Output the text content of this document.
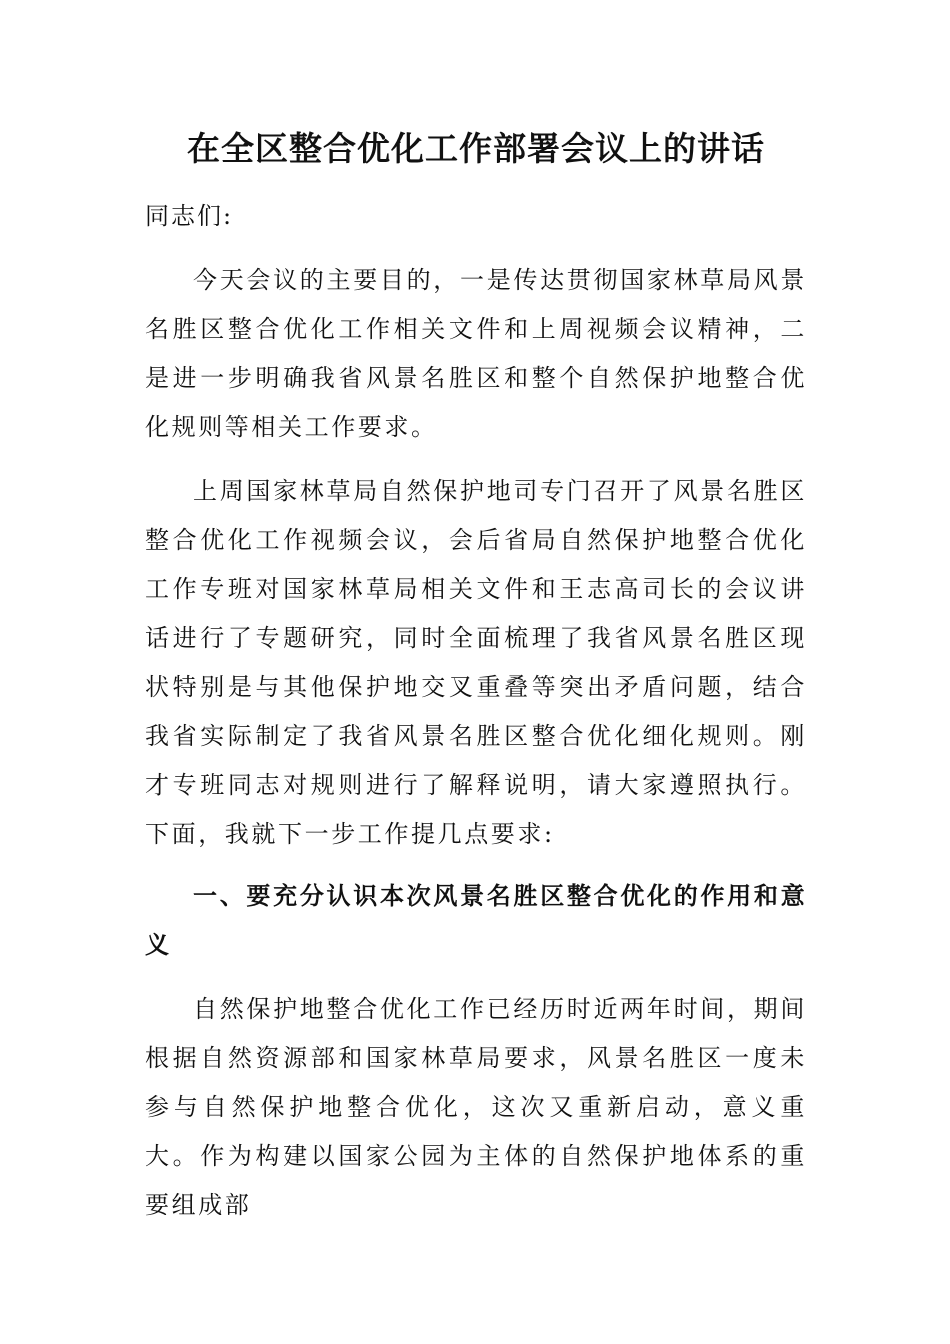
在全区整合优化工作部署会议上的讲话

同志们:

今天会议的主要目的，一是传达贯彻国家林草局风景名胜区整合优化工作相关文件和上周视频会议精神，二是进一步明确我省风景名胜区和整个自然保护地整合优化规则等相关工作要求。

上周国家林草局自然保护地司专门召开了风景名胜区整合优化工作视频会议，会后省局自然保护地整合优化工作专班对国家林草局相关文件和王志高司长的会议讲话进行了专题研究，同时全面梳理了我省风景名胜区现状特别是与其他保护地交叉重叠等突出矛盾问题，结合我省实际制定了我省风景名胜区整合优化细化规则。刚才专班同志对规则进行了解释说明，请大家遵照执行。下面，我就下一步工作提几点要求:

一、要充分认识本次风景名胜区整合优化的作用和意义

自然保护地整合优化工作已经历时近两年时间，期间根据自然资源部和国家林草局要求，风景名胜区一度未参与自然保护地整合优化，这次又重新启动，意义重大。作为构建以国家公园为主体的自然保护地体系的重要组成部
